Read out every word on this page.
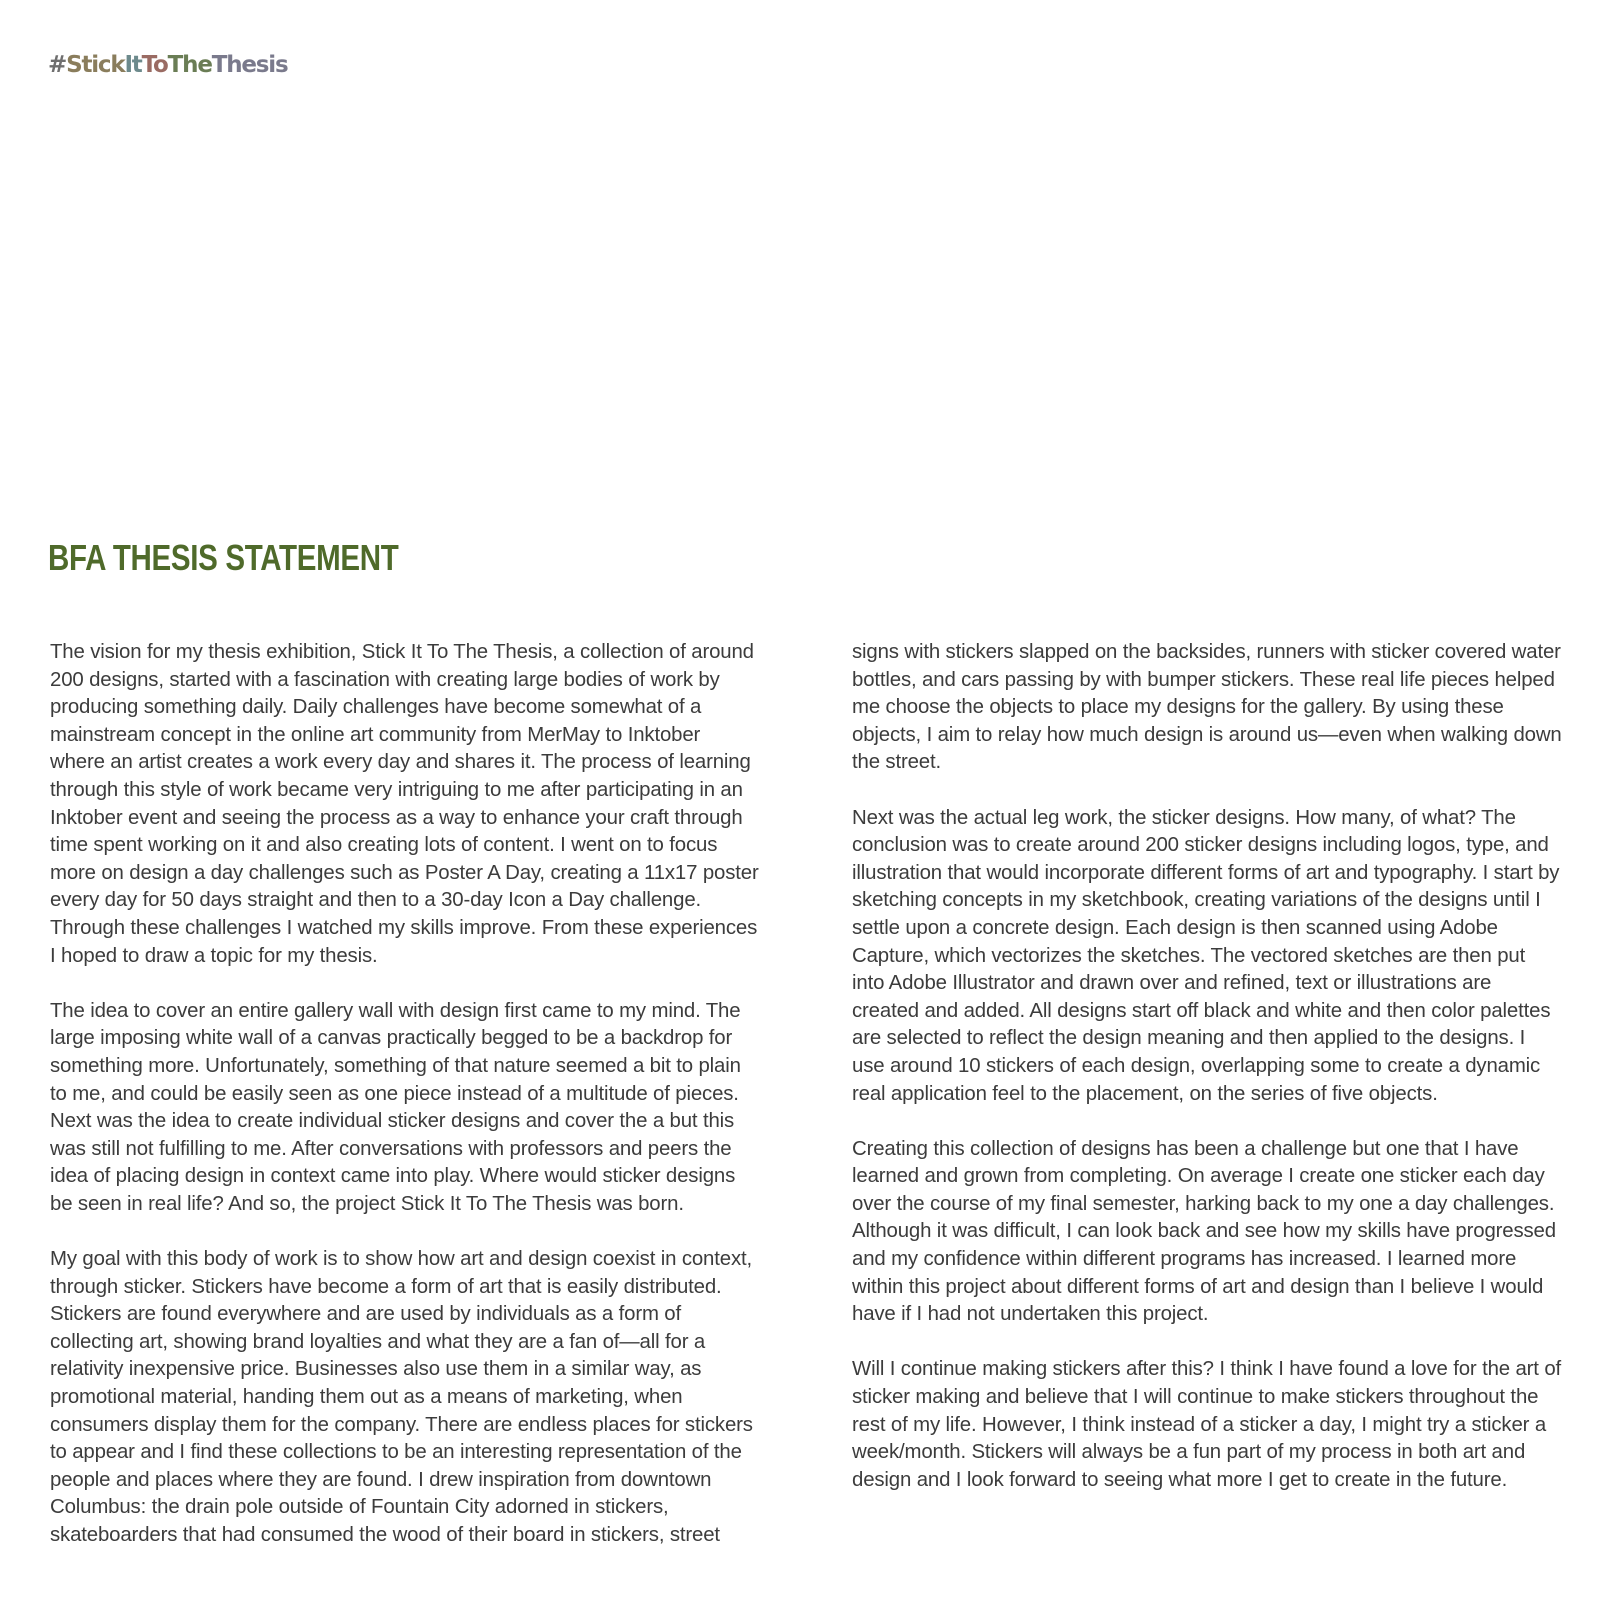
#StickItToTheThesis
BFA THESIS STATEMENT

The vision for my thesis exhibition, Stick It To The Thesis, a collection of around 200 designs, started with a fascination with creating large bodies of work by producing something daily. Daily challenges have become somewhat of a mainstream concept in the online art community from MerMay to Inktober where an artist creates a work every day and shares it. The process of learning through this style of work became very intriguing to me after participating in an Inktober event and seeing the process as a way to enhance your craft through time spent working on it and also creating lots of content. I went on to focus more on design a day challenges such as Poster A Day, creating a 11x17 poster every day for 50 days straight and then to a 30-day Icon a Day challenge. Through these challenges I watched my skills improve. From these experiences I hoped to draw a topic for my thesis.

The idea to cover an entire gallery wall with design first came to my mind. The large imposing white wall of a canvas practically begged to be a backdrop for something more. Unfortunately, something of that nature seemed a bit to plain to me, and could be easily seen as one piece instead of a multitude of pieces. Next was the idea to create individual sticker designs and cover the a but this was still not fulfilling to me. After conversations with professors and peers the idea of placing design in context came into play. Where would sticker designs be seen in real life? And so, the project Stick It To The Thesis was born.

My goal with this body of work is to show how art and design coexist in context, through sticker. Stickers have become a form of art that is easily distributed. Stickers are found everywhere and are used by individuals as a form of collecting art, showing brand loyalties and what they are a fan of—all for a relativity inexpensive price. Businesses also use them in a similar way, as promotional material, handing them out as a means of marketing, when consumers display them for the company. There are endless places for stickers to appear and I find these collections to be an interesting representation of the people and places where they are found. I drew inspiration from downtown Columbus: the drain pole outside of Fountain City adorned in stickers, skateboarders that had consumed the wood of their board in stickers, street

signs with stickers slapped on the backsides, runners with sticker covered water bottles, and cars passing by with bumper stickers. These real life pieces helped me choose the objects to place my designs for the gallery. By using these objects, I aim to relay how much design is around us—even when walking down the street.

Next was the actual leg work, the sticker designs. How many, of what? The conclusion was to create around 200 sticker designs including logos, type, and illustration that would incorporate different forms of art and typography. I start by sketching concepts in my sketchbook, creating variations of the designs until I settle upon a concrete design. Each design is then scanned using Adobe Capture, which vectorizes the sketches. The vectored sketches are then put into Adobe Illustrator and drawn over and refined, text or illustrations are created and added. All designs start off black and white and then color palettes are selected to reflect the design meaning and then applied to the designs. I use around 10 stickers of each design, overlapping some to create a dynamic real application feel to the placement, on the series of five objects.

Creating this collection of designs has been a challenge but one that I have learned and grown from completing. On average I create one sticker each day over the course of my final semester, harking back to my one a day challenges. Although it was difficult, I can look back and see how my skills have progressed and my confidence within different programs has increased. I learned more within this project about different forms of art and design than I believe I would have if I had not undertaken this project.

Will I continue making stickers after this? I think I have found a love for the art of sticker making and believe that I will continue to make stickers throughout the rest of my life. However, I think instead of a sticker a day, I might try a sticker a week/month. Stickers will always be a fun part of my process in both art and design and I look forward to seeing what more I get to create in the future.
